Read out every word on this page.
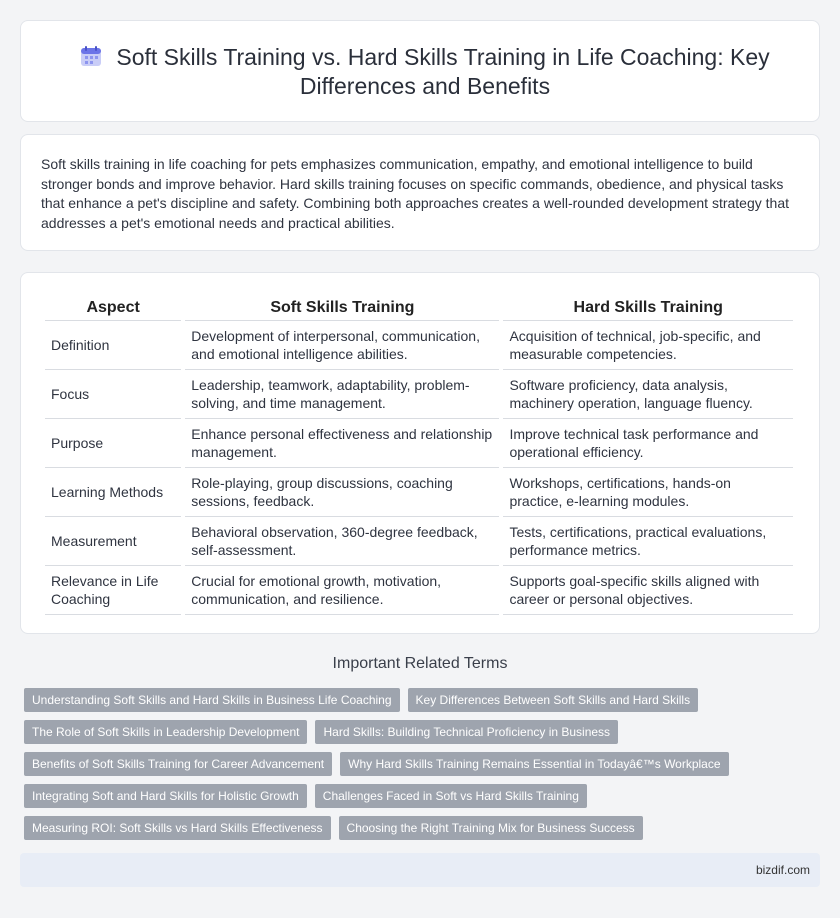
Soft Skills Training vs. Hard Skills Training in Life Coaching: Key Differences and Benefits

Soft skills training in life coaching for pets emphasizes communication, empathy, and emotional intelligence to build stronger bonds and improve behavior. Hard skills training focuses on specific commands, obedience, and physical tasks that enhance a pet's discipline and safety. Combining both approaches creates a well-rounded development strategy that addresses a pet's emotional needs and practical abilities.

Aspect	Soft Skills Training	Hard Skills Training
Definition	Development of interpersonal, communication, and emotional intelligence abilities.	Acquisition of technical, job-specific, and measurable competencies.
Focus	Leadership, teamwork, adaptability, problem-solving, and time management.	Software proficiency, data analysis, machinery operation, language fluency.
Purpose	Enhance personal effectiveness and relationship management.	Improve technical task performance and operational efficiency.
Learning Methods	Role-playing, group discussions, coaching sessions, feedback.	Workshops, certifications, hands-on practice, e-learning modules.
Measurement	Behavioral observation, 360-degree feedback, self-assessment.	Tests, certifications, practical evaluations, performance metrics.
Relevance in Life Coaching	Crucial for emotional growth, motivation, communication, and resilience.	Supports goal-specific skills aligned with career or personal objectives.
Important Related Terms
Understanding Soft Skills and Hard Skills in Business Life Coaching	Key Differences Between Soft Skills and Hard Skills
The Role of Soft Skills in Leadership Development	Hard Skills: Building Technical Proficiency in Business
Benefits of Soft Skills Training for Career Advancement	Why Hard Skills Training Remains Essential in Todayâ€™s Workplace
Integrating Soft and Hard Skills for Holistic Growth	Challenges Faced in Soft vs Hard Skills Training
Measuring ROI: Soft Skills vs Hard Skills Effectiveness	Choosing the Right Training Mix for Business Success
bizdif.com
